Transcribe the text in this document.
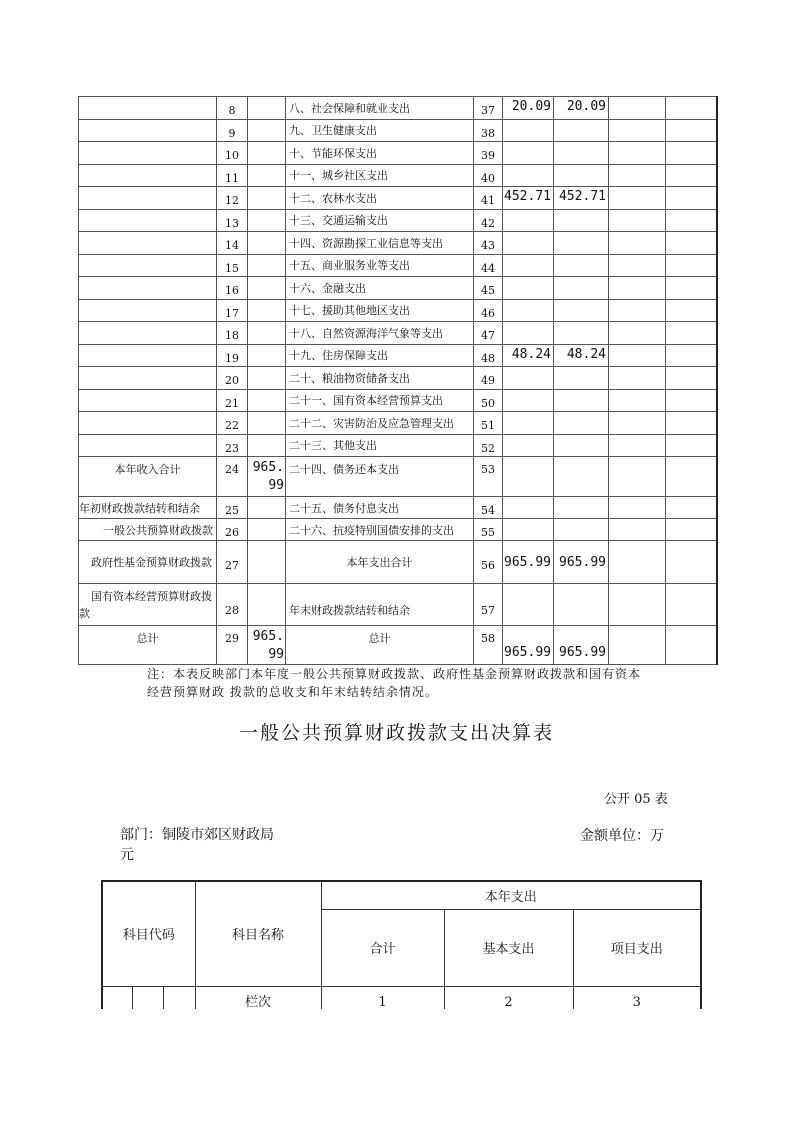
	8		八、社会保障和就业支出	37	20.09	20.09		
	9		九、卫生健康支出	38				
	10		十、节能环保支出	39				
	11		十一、城乡社区支出	40				
	12		十二、农林水支出	41	452.71	452.71		
	13		十三、交通运输支出	42				
	14		十四、资源勘探工业信息等支出	43				
	15		十五、商业服务业等支出	44				
	16		十六、金融支出	45				
	17		十七、援助其他地区支出	46				
	18		十八、自然资源海洋气象等支出	47				
	19		十九、住房保障支出	48	48.24	48.24		
	20		二十、粮油物资储备支出	49				
	21		二十一、国有资本经营预算支出	50				
	22		二十二、灾害防治及应急管理支出	51				
	23		二十三、其他支出	52				
本年收入合计	24	965.99	二十四、债务还本支出	53				
年初财政拨款结转和结余	25		二十五、债务付息支出	54				
一般公共预算财政拨款	26		二十六、抗疫特别国债安排的支出	55				
政府性基金预算财政拨款	27		本年支出合计	56	965.99	965.99		
国有资本经营预算财政拨款	28		年末财政拨款结转和结余	57				
总计	29	965.99	总计	58	965.99	965.99		
注：本表反映部门本年度一般公共预算财政拨款、政府性基金预算财政拨款和国有资本经营预算财政 拨款的总收支和年末结转结余情况。
一般公共预算财政拨款支出决算表
公开 05 表
部门：铜陵市郊区财政局
元
金额单位：万
科目代码			科目名称	本年支出		
				合计	基本支出	项目支出
			栏次	1	2	3
